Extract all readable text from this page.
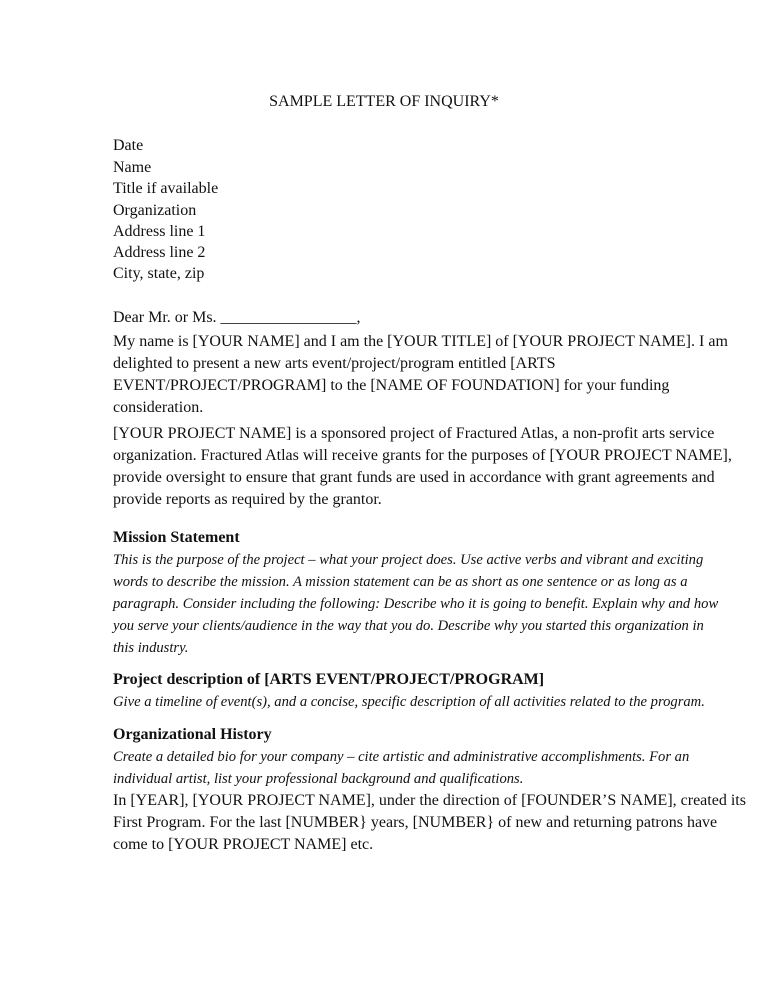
SAMPLE LETTER OF INQUIRY*
Date
Name
Title if available
Organization
Address line 1
Address line 2
City, state, zip
Dear Mr. or Ms. _________________,
My name is [YOUR NAME] and I am the [YOUR TITLE] of [YOUR PROJECT NAME]. I am
delighted to present a new arts event/project/program entitled [ARTS
EVENT/PROJECT/PROGRAM] to the [NAME OF FOUNDATION] for your funding
consideration.
[YOUR PROJECT NAME] is a sponsored project of Fractured Atlas, a non-profit arts service
organization. Fractured Atlas will receive grants for the purposes of [YOUR PROJECT NAME],
provide oversight to ensure that grant funds are used in accordance with grant agreements and
provide reports as required by the grantor.
Mission Statement
This is the purpose of the project – what your project does. Use active verbs and vibrant and exciting
words to describe the mission. A mission statement can be as short as one sentence or as long as a
paragraph. Consider including the following: Describe who it is going to benefit. Explain why and how
you serve your clients/audience in the way that you do. Describe why you started this organization in
this industry.
Project description of [ARTS EVENT/PROJECT/PROGRAM]
Give a timeline of event(s), and a concise, specific description of all activities related to the program.
Organizational History
Create a detailed bio for your company – cite artistic and administrative accomplishments. For an
individual artist, list your professional background and qualifications.
In [YEAR], [YOUR PROJECT NAME], under the direction of [FOUNDER’S NAME], created its
First Program. For the last [NUMBER} years, [NUMBER} of new and returning patrons have
come to [YOUR PROJECT NAME] etc.
